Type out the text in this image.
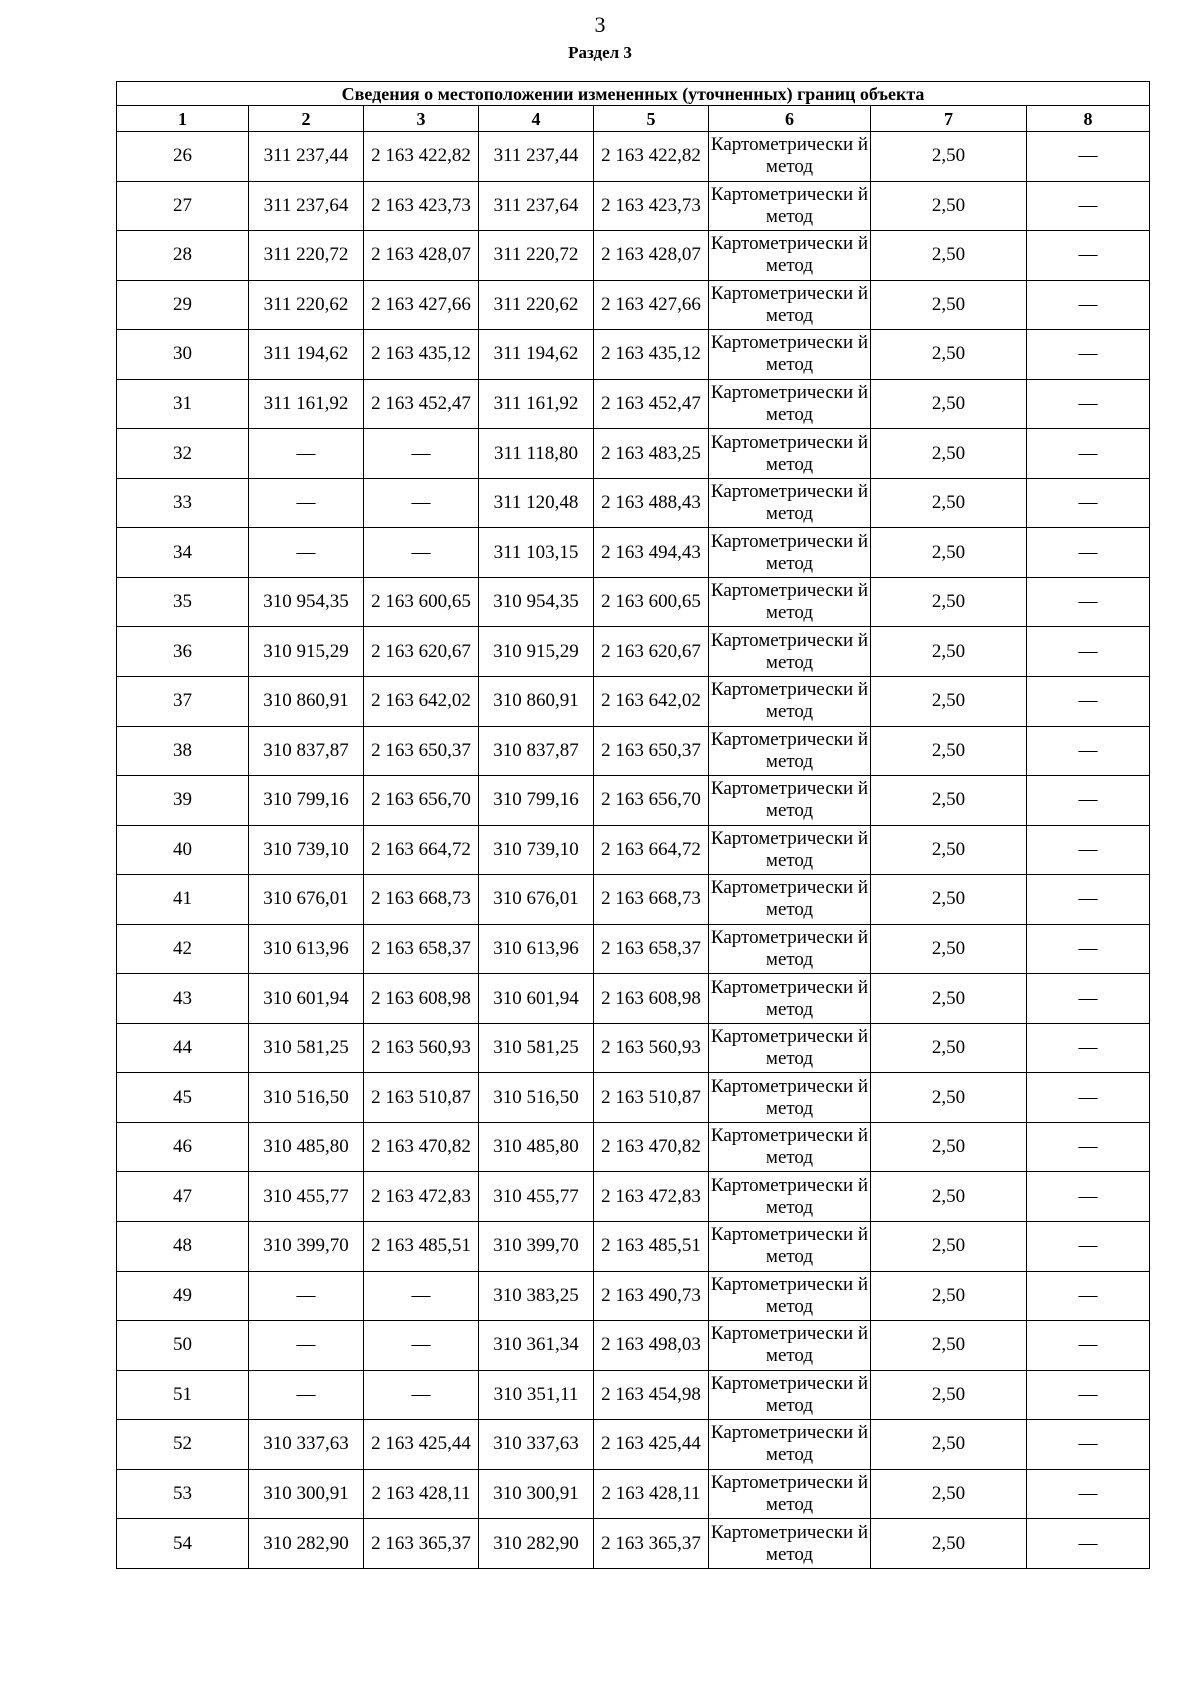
3
Раздел 3
Сведения о местоположении измененных (уточненных) границ объекта							
1	2	3	4	5	6	7	8
26	311 237,44	2 163 422,82	311 237,44	2 163 422,82	Картометрически й метод	2,50	—
27	311 237,64	2 163 423,73	311 237,64	2 163 423,73	Картометрически й метод	2,50	—
28	311 220,72	2 163 428,07	311 220,72	2 163 428,07	Картометрически й метод	2,50	—
29	311 220,62	2 163 427,66	311 220,62	2 163 427,66	Картометрически й метод	2,50	—
30	311 194,62	2 163 435,12	311 194,62	2 163 435,12	Картометрически й метод	2,50	—
31	311 161,92	2 163 452,47	311 161,92	2 163 452,47	Картометрически й метод	2,50	—
32	—	—	311 118,80	2 163 483,25	Картометрически й метод	2,50	—
33	—	—	311 120,48	2 163 488,43	Картометрически й метод	2,50	—
34	—	—	311 103,15	2 163 494,43	Картометрически й метод	2,50	—
35	310 954,35	2 163 600,65	310 954,35	2 163 600,65	Картометрически й метод	2,50	—
36	310 915,29	2 163 620,67	310 915,29	2 163 620,67	Картометрически й метод	2,50	—
37	310 860,91	2 163 642,02	310 860,91	2 163 642,02	Картометрически й метод	2,50	—
38	310 837,87	2 163 650,37	310 837,87	2 163 650,37	Картометрически й метод	2,50	—
39	310 799,16	2 163 656,70	310 799,16	2 163 656,70	Картометрически й метод	2,50	—
40	310 739,10	2 163 664,72	310 739,10	2 163 664,72	Картометрически й метод	2,50	—
41	310 676,01	2 163 668,73	310 676,01	2 163 668,73	Картометрически й метод	2,50	—
42	310 613,96	2 163 658,37	310 613,96	2 163 658,37	Картометрически й метод	2,50	—
43	310 601,94	2 163 608,98	310 601,94	2 163 608,98	Картометрически й метод	2,50	—
44	310 581,25	2 163 560,93	310 581,25	2 163 560,93	Картометрически й метод	2,50	—
45	310 516,50	2 163 510,87	310 516,50	2 163 510,87	Картометрически й метод	2,50	—
46	310 485,80	2 163 470,82	310 485,80	2 163 470,82	Картометрически й метод	2,50	—
47	310 455,77	2 163 472,83	310 455,77	2 163 472,83	Картометрически й метод	2,50	—
48	310 399,70	2 163 485,51	310 399,70	2 163 485,51	Картометрически й метод	2,50	—
49	—	—	310 383,25	2 163 490,73	Картометрически й метод	2,50	—
50	—	—	310 361,34	2 163 498,03	Картометрически й метод	2,50	—
51	—	—	310 351,11	2 163 454,98	Картометрически й метод	2,50	—
52	310 337,63	2 163 425,44	310 337,63	2 163 425,44	Картометрически й метод	2,50	—
53	310 300,91	2 163 428,11	310 300,91	2 163 428,11	Картометрически й метод	2,50	—
54	310 282,90	2 163 365,37	310 282,90	2 163 365,37	Картометрически й метод	2,50	—
